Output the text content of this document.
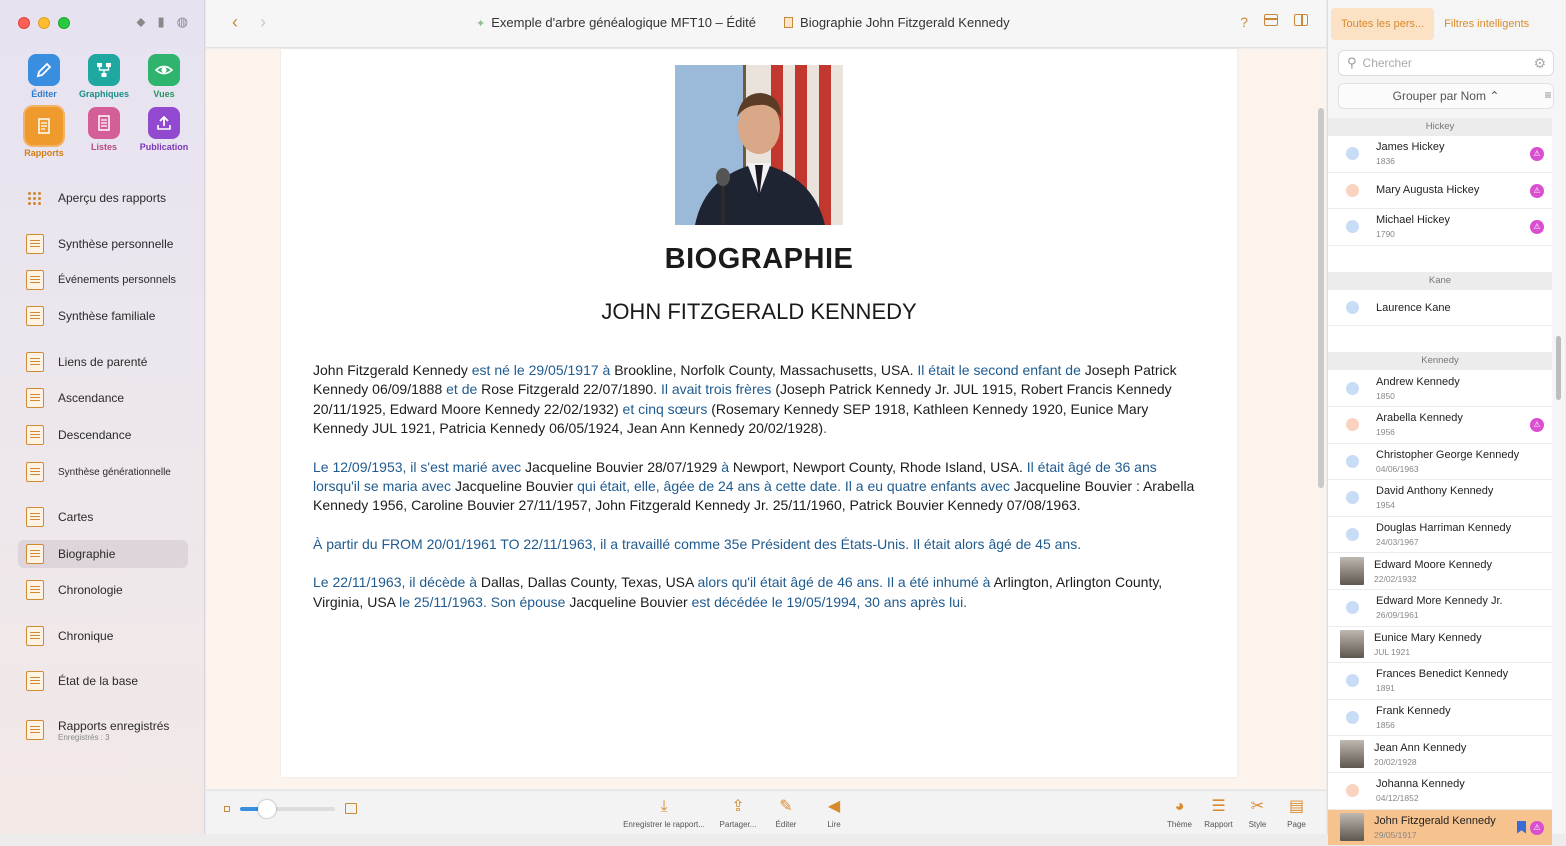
⬥ ▮ ◍
Éditer Graphiques	Vues
Rapports
Listes	Publication
Aperçu des rapports
Synthèse personnelle
Événements personnels
Synthèse familiale
Liens de parenté
Ascendance
Descendance
Synthèse générationnelle
Cartes
Biographie
Chronologie
Chronique
État de la base
Rapports enregistrés
Enregistrés : 3
‹ ›	✦ Exemple d'arbre généalogique MFT10 – Édité	Biographie John Fitzgerald Kennedy	?
BIOGRAPHIE
JOHN FITZGERALD KENNEDY

John Fitzgerald Kennedy est né le 29/05/1917 à Brookline, Norfolk County, Massachusetts, USA. Il était le second enfant de Joseph Patrick Kennedy 06/09/1888 et de Rose Fitzgerald 22/07/1890. Il avait trois frères (Joseph Patrick Kennedy Jr. JUL 1915, Robert Francis Kennedy 20/11/1925, Edward Moore Kennedy 22/02/1932) et cinq sœurs (Rosemary Kennedy SEP 1918, Kathleen Kennedy 1920, Eunice Mary Kennedy JUL 1921, Patricia Kennedy 06/05/1924, Jean Ann Kennedy 20/02/1928).

Le 12/09/1953, il s'est marié avec Jacqueline Bouvier 28/07/1929 à Newport, Newport County, Rhode Island, USA. Il était âgé de 36 ans lorsqu'il se maria avec Jacqueline Bouvier qui était, elle, âgée de 24 ans à cette date. Il a eu quatre enfants avec Jacqueline Bouvier : Arabella Kennedy 1956, Caroline Bouvier 27/11/1957, John Fitzgerald Kennedy Jr. 25/11/1960, Patrick Bouvier Kennedy 07/08/1963.

À partir du FROM 20/01/1961 TO 22/11/1963, il a travaillé comme 35e Président des États-Unis. Il était alors âgé de 45 ans.

Le 22/11/1963, il décède à Dallas, Dallas County, Texas, USA alors qu'il était âgé de 46 ans. Il a été inhumé à Arlington, Arlington County, Virginia, USA le 25/11/1963. Son épouse Jacqueline Bouvier est décédée le 19/05/1994, 30 ans après lui.

⤓
Enregistrer le rapport...
⇪
Partager...
✎
Éditer
◀
Lire
◕
Thème
☰
Rapport
✂
Style
▤
Page
Toutes les pers...	Filtres intelligents
⚲
Chercher	⚙
Grouper par Nom ⌃	≡
Hickey
James Hickey
1836
⚠
Mary Augusta Hickey	⚠
Michael Hickey
1790
⚠
Kane
Laurence Kane
Kennedy
Andrew Kennedy
1850
Arabella Kennedy
1956
⚠
Christopher George Kennedy
04/06/1963
David Anthony Kennedy
1954
Douglas Harriman Kennedy
24/03/1967
Edward Moore Kennedy
22/02/1932
Edward More Kennedy Jr.
26/09/1961
Eunice Mary Kennedy
JUL 1921
Frances Benedict Kennedy
1891
Frank Kennedy
1856
Jean Ann Kennedy
20/02/1928
Johanna Kennedy
04/12/1852
John Fitzgerald Kennedy
29/05/1917
⚠
